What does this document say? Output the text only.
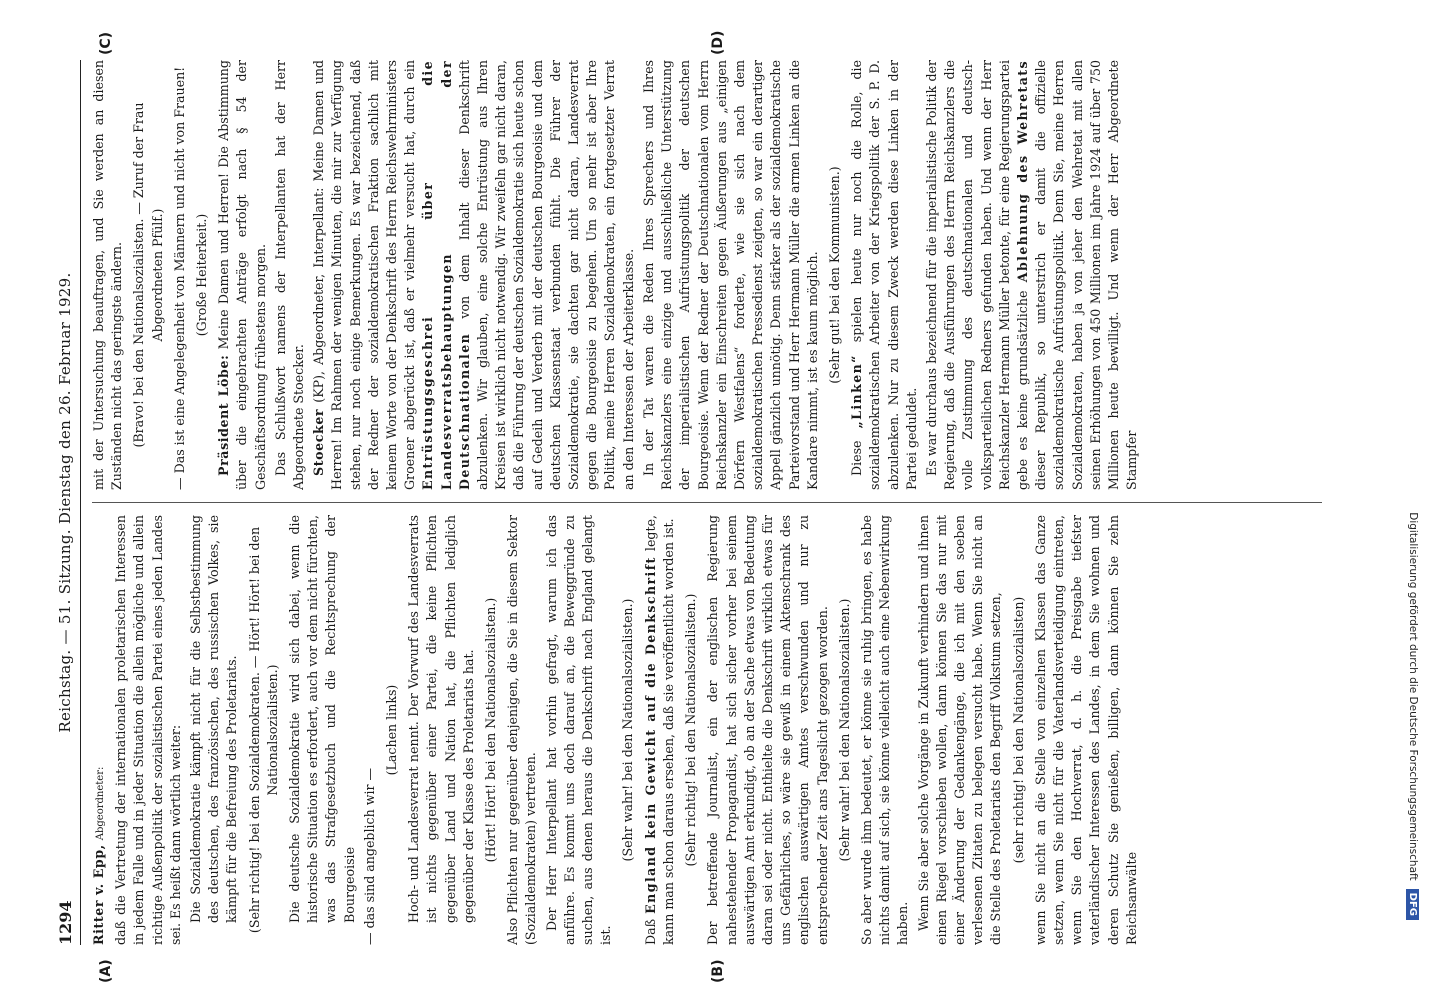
1294
Reichstag. — 51. Sitzung. Dienstag den 26. Februar 1929.
(A)	(B)
(C)	(D)

Ritter v. Epp, Abgeordneter: daß die Vertretung der internationalen proletarischen Interessen in jedem Falle und in jeder Situation die allein mögliche und allein richtige Außenpolitik der sozialistischen Partei eines jeden Landes sei. Es heißt dann wörtlich weiter: Die Sozialdemokratie kämpft nicht für die Selbstbestimmung des deutschen, des französischen, des russischen Volkes, sie kämpft für die Befreiung des Proletariats. (Sehr richtig! bei den Sozialdemokraten. — Hört! Hört! bei den Nationalsozialisten.) Die deutsche Sozialdemokratie wird sich dabei, wenn die historische Situation es erfordert, auch vor dem nicht fürchten, was das Strafgesetzbuch und die Rechtsprechung der Bourgeoisie — das sind angeblich wir —

(Lachen links) Hoch- und Landesverrat nennt. Der Vorwurf des Landesverrats ist nichts gegenüber einer Partei, die keine Pflichten gegenüber Land und Nation hat, die Pflichten lediglich gegenüber der Klasse des Proletariats hat. (Hört! Hört! bei den Nationalsozialisten.) Also Pflichten nur gegenüber denjenigen, die Sie in diesem Sektor (Sozialdemokraten) vertreten. Der Herr Interpellant hat vorhin gefragt, warum ich das anführe. Es kommt uns doch darauf an, die Beweggründe zu suchen, aus denen heraus die Denkschrift nach England gelangt ist.

(Sehr wahr! bei den Nationalsozialisten.)

Daß England kein Gewicht auf die Denkschrift legte, kann man schon daraus ersehen, daß sie veröffentlicht worden ist. (Sehr richtig! bei den Nationalsozialisten.) Der betreffende Journalist, ein der englischen Regierung nahestehender Propagandist, hat sich sicher vorher bei seinem auswärtigen Amt erkundigt, ob an der Sache etwas von Bedeutung daran sei oder nicht. Enthielte die Denkschrift wirklich etwas für uns Gefährliches, so wäre sie gewiß in einem Aktenschrank des englischen auswärtigen Amtes verschwunden und nur zu entsprechender Zeit ans Tageslicht gezogen worden. (Sehr wahr! bei den Nationalsozialisten.) So aber wurde ihm bedeutet, er könne sie ruhig bringen, es habe nichts damit auf sich, sie könne vielleicht auch eine Nebenwirkung haben. Wenn Sie aber solche Vorgänge in Zukunft verhindern und ihnen einen Riegel vorschieben wollen, dann können Sie das nur mit einer Änderung der Gedankengänge, die ich mit den soeben verlesenen Zitaten zu belegen versucht habe. Wenn Sie nicht an die Stelle des Proletariats den Begriff Volkstum setzen, (sehr richtig! bei den Nationalsozialisten) wenn Sie nicht an die Stelle von einzelnen Klassen das Ganze setzen, wenn Sie nicht für die Vaterlandsverteidigung eintreten, wenn Sie den Hochverrat, d. h. die Preisgabe tiefster vaterländischer Interessen des Landes, in dem Sie wohnen und deren Schutz Sie genießen, billigen, dann können Sie zehn Reichsanwälte

mit der Untersuchung beauftragen, und Sie werden an diesen Zuständen nicht das geringste ändern. (Bravo! bei den Nationalsozialisten. — Zuruf der Frau Abgeordneten Pfülf.) — Das ist eine Angelegenheit von Männern und nicht von Frauen! (Große Heiterkeit.)

Präsident Löbe: Meine Damen und Herren! Die Abstimmung über die eingebrachten Anträge erfolgt nach § 54 der Geschäftsordnung frühestens morgen. Das Schlußwort namens der Interpellanten hat der Herr Abgeordnete Stoecker. Stoecker (KP), Abgeordneter, Interpellant: Meine Damen und Herren! Im Rahmen der wenigen Minuten, die mir zur Verfügung stehen, nur noch einige Bemerkungen. Es war bezeichnend, daß der Redner der sozialdemokratischen Fraktion sachlich mit keinem Worte von der Denkschrift des Herrn Reichswehrministers Groener abgerückt ist, daß er vielmehr versucht hat, durch ein Entrüstungsgeschrei über die Landesverratsbehauptungen der Deutschnationalen von dem Inhalt dieser Denkschrift abzulenken. Wir glauben, eine solche Entrüstung aus Ihren Kreisen ist wirklich nicht notwendig. Wir zweifeln gar nicht daran, daß die Führung der deutschen Sozialdemokratie sich heute schon auf Gedeih und Verderb mit der deutschen Bourgeoisie und dem deutschen Klassenstaat verbunden fühlt. Die Führer der Sozialdemokratie, sie dachten gar nicht daran, Landesverrat gegen die Bourgeoisie zu begehen. Um so mehr ist aber Ihre Politik, meine Herren Sozialdemokraten, ein fortgesetzter Verrat an den Interessen der Arbeiterklasse. In der Tat waren die Reden Ihres Sprechers und Ihres Reichskanzlers eine einzige und ausschließliche Unterstützung der imperialistischen Aufrüstungspolitik der deutschen Bourgeoisie. Wenn der Redner der Deutschnationalen vom Herrn Reichskanzler ein Einschreiten gegen Äußerungen aus „einigen Dörfern Westfalens“ forderte, wie sie sich nach dem sozialdemokratischen Pressedienst zeigten, so war ein derartiger Appell gänzlich unnötig. Denn stärker als der sozialdemokratische Parteivorstand und Herr Hermann Müller die armen Linken an die Kandare nimmt, ist es kaum möglich. (Sehr gut! bei den Kommunisten.)

Diese „Linken“ spielen heute nur noch die Rolle, die sozialdemokratischen Arbeiter von der Kriegspolitik der S. P. D. abzulenken. Nur zu diesem Zweck werden diese Linken in der Partei geduldet. Es war durchaus bezeichnend für die imperialistische Politik der Regierung, daß die Ausführungen des Herrn Reichskanzlers die volle Zustimmung des deutschnationalen und deutsch-volksparteilichen Redners gefunden haben. Und wenn der Herr Reichskanzler Hermann Müller betonte, für eine Regierungspartei gebe es keine grundsätzliche Ablehnung des Wehretats dieser Republik, so unterstrich er damit die offizielle sozialdemokratische Aufrüstungspolitik. Denn Sie, meine Herren Sozialdemokraten, haben ja von jeher den Wehretat mit allen seinen Erhöhungen von 450 Millionen im Jahre 1924 auf über 750 Millionen heute bewilligt. Und wenn der Herr Abgeordnete Stampfer

Digitalisierung gefördert durch die Deutsche Forschungsgemeinschaft
DFG
